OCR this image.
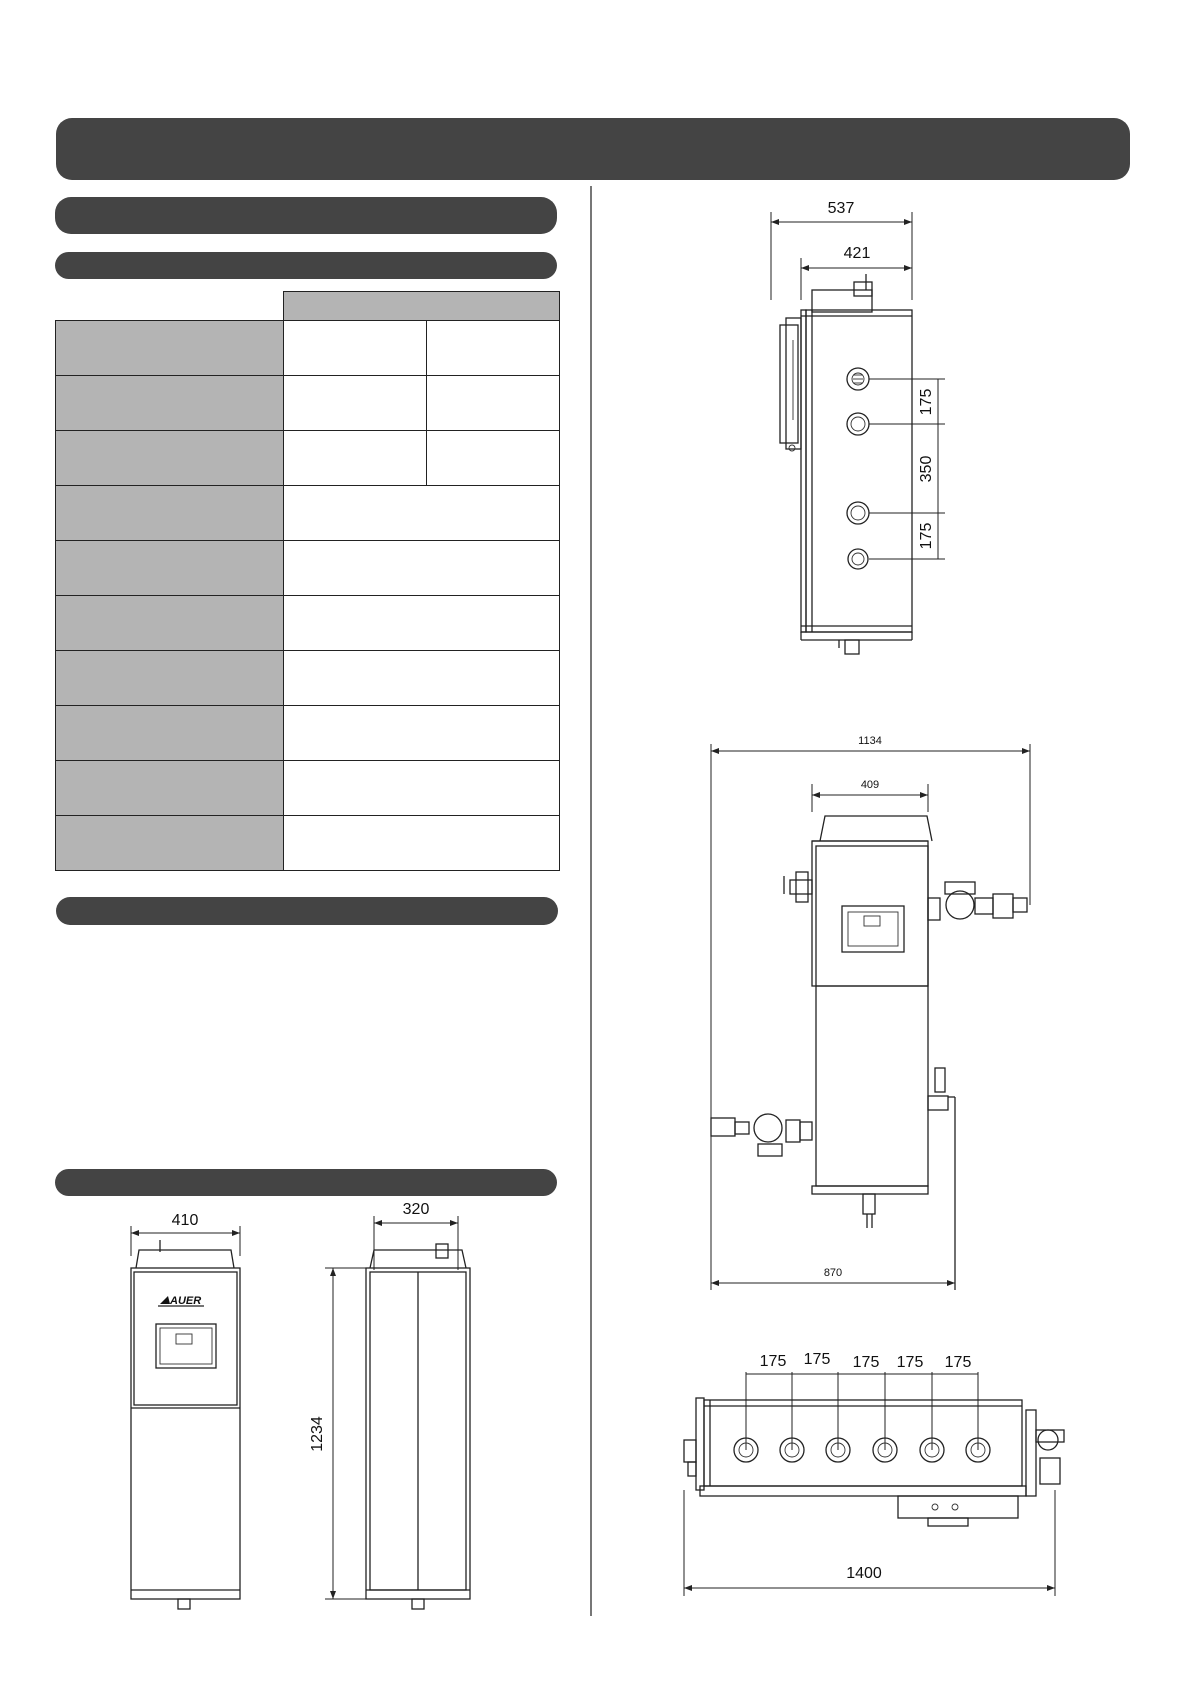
537
421
175
350
175
1134
409
870
175 175 175 175 175
1400
410
AUER
320
1234
